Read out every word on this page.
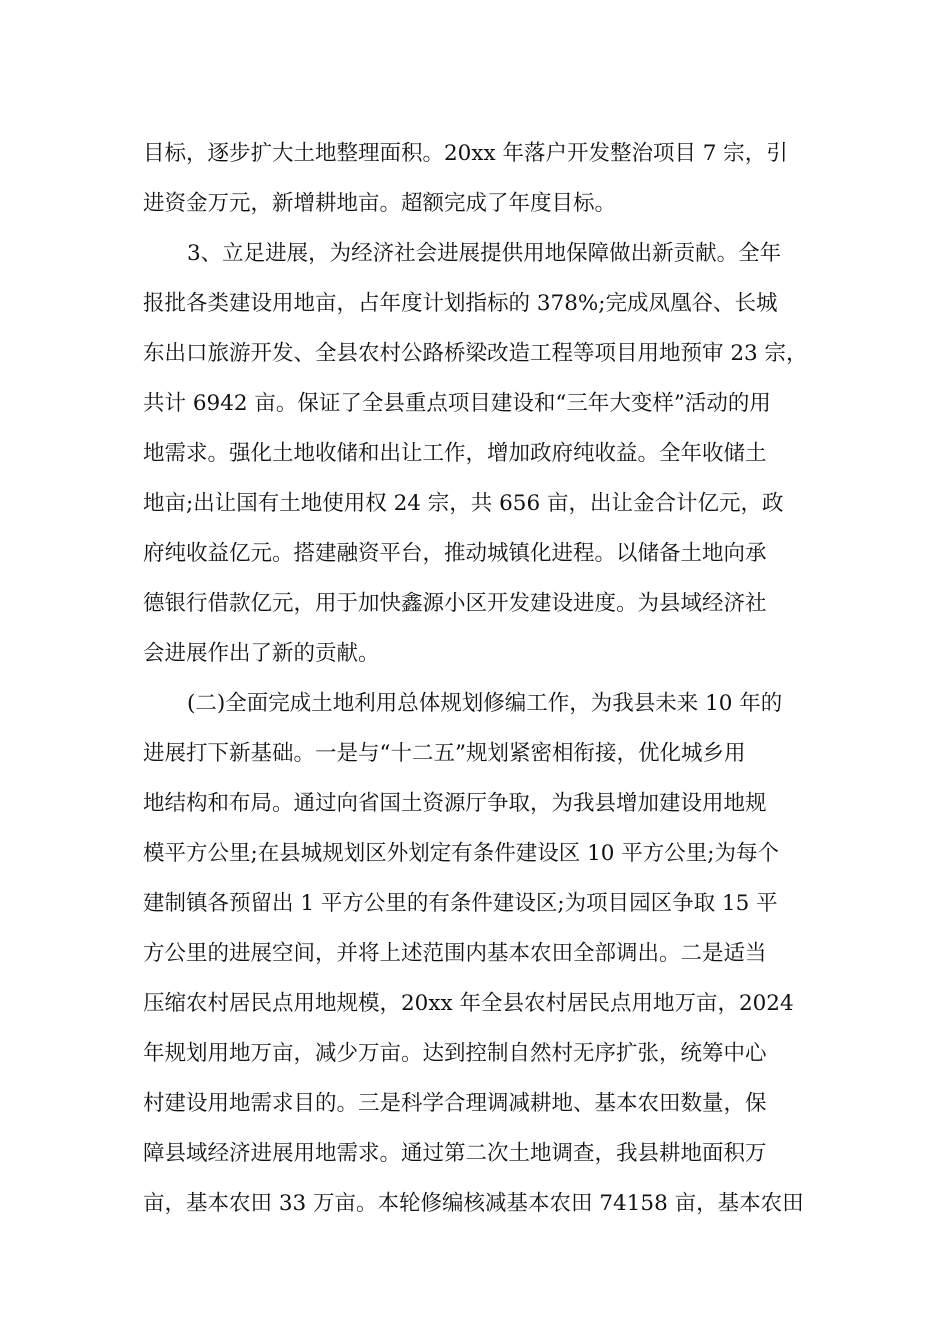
目标，逐步扩大土地整理面积。20xx 年落户开发整治项目 7 宗，引
进资金万元，新增耕地亩。超额完成了年度目标。
3、立足进展，为经济社会进展提供用地保障做出新贡献。全年
报批各类建设用地亩，占年度计划指标的 378%;完成凤凰谷、长城
东出口旅游开发、全县农村公路桥梁改造工程等项目用地预审 23 宗，
共计 6942 亩。保证了全县重点项目建设和“三年大变样”活动的用
地需求。强化土地收储和出让工作，增加政府纯收益。全年收储土
地亩;出让国有土地使用权 24 宗，共 656 亩，出让金合计亿元，政
府纯收益亿元。搭建融资平台，推动城镇化进程。以储备土地向承
德银行借款亿元，用于加快鑫源小区开发建设进度。为县域经济社
会进展作出了新的贡献。
(二)全面完成土地利用总体规划修编工作，为我县未来 10 年的
进展打下新基础。一是与“十二五”规划紧密相衔接，优化城乡用
地结构和布局。通过向省国土资源厅争取，为我县增加建设用地规
模平方公里;在县城规划区外划定有条件建设区 10 平方公里;为每个
建制镇各预留出 1 平方公里的有条件建设区;为项目园区争取 15 平
方公里的进展空间，并将上述范围内基本农田全部调出。二是适当
压缩农村居民点用地规模，20xx 年全县农村居民点用地万亩，2024
年规划用地万亩，减少万亩。达到控制自然村无序扩张，统筹中心
村建设用地需求目的。三是科学合理调减耕地、基本农田数量，保
障县域经济进展用地需求。通过第二次土地调查，我县耕地面积万
亩，基本农田 33 万亩。本轮修编核减基本农田 74158 亩，基本农田
